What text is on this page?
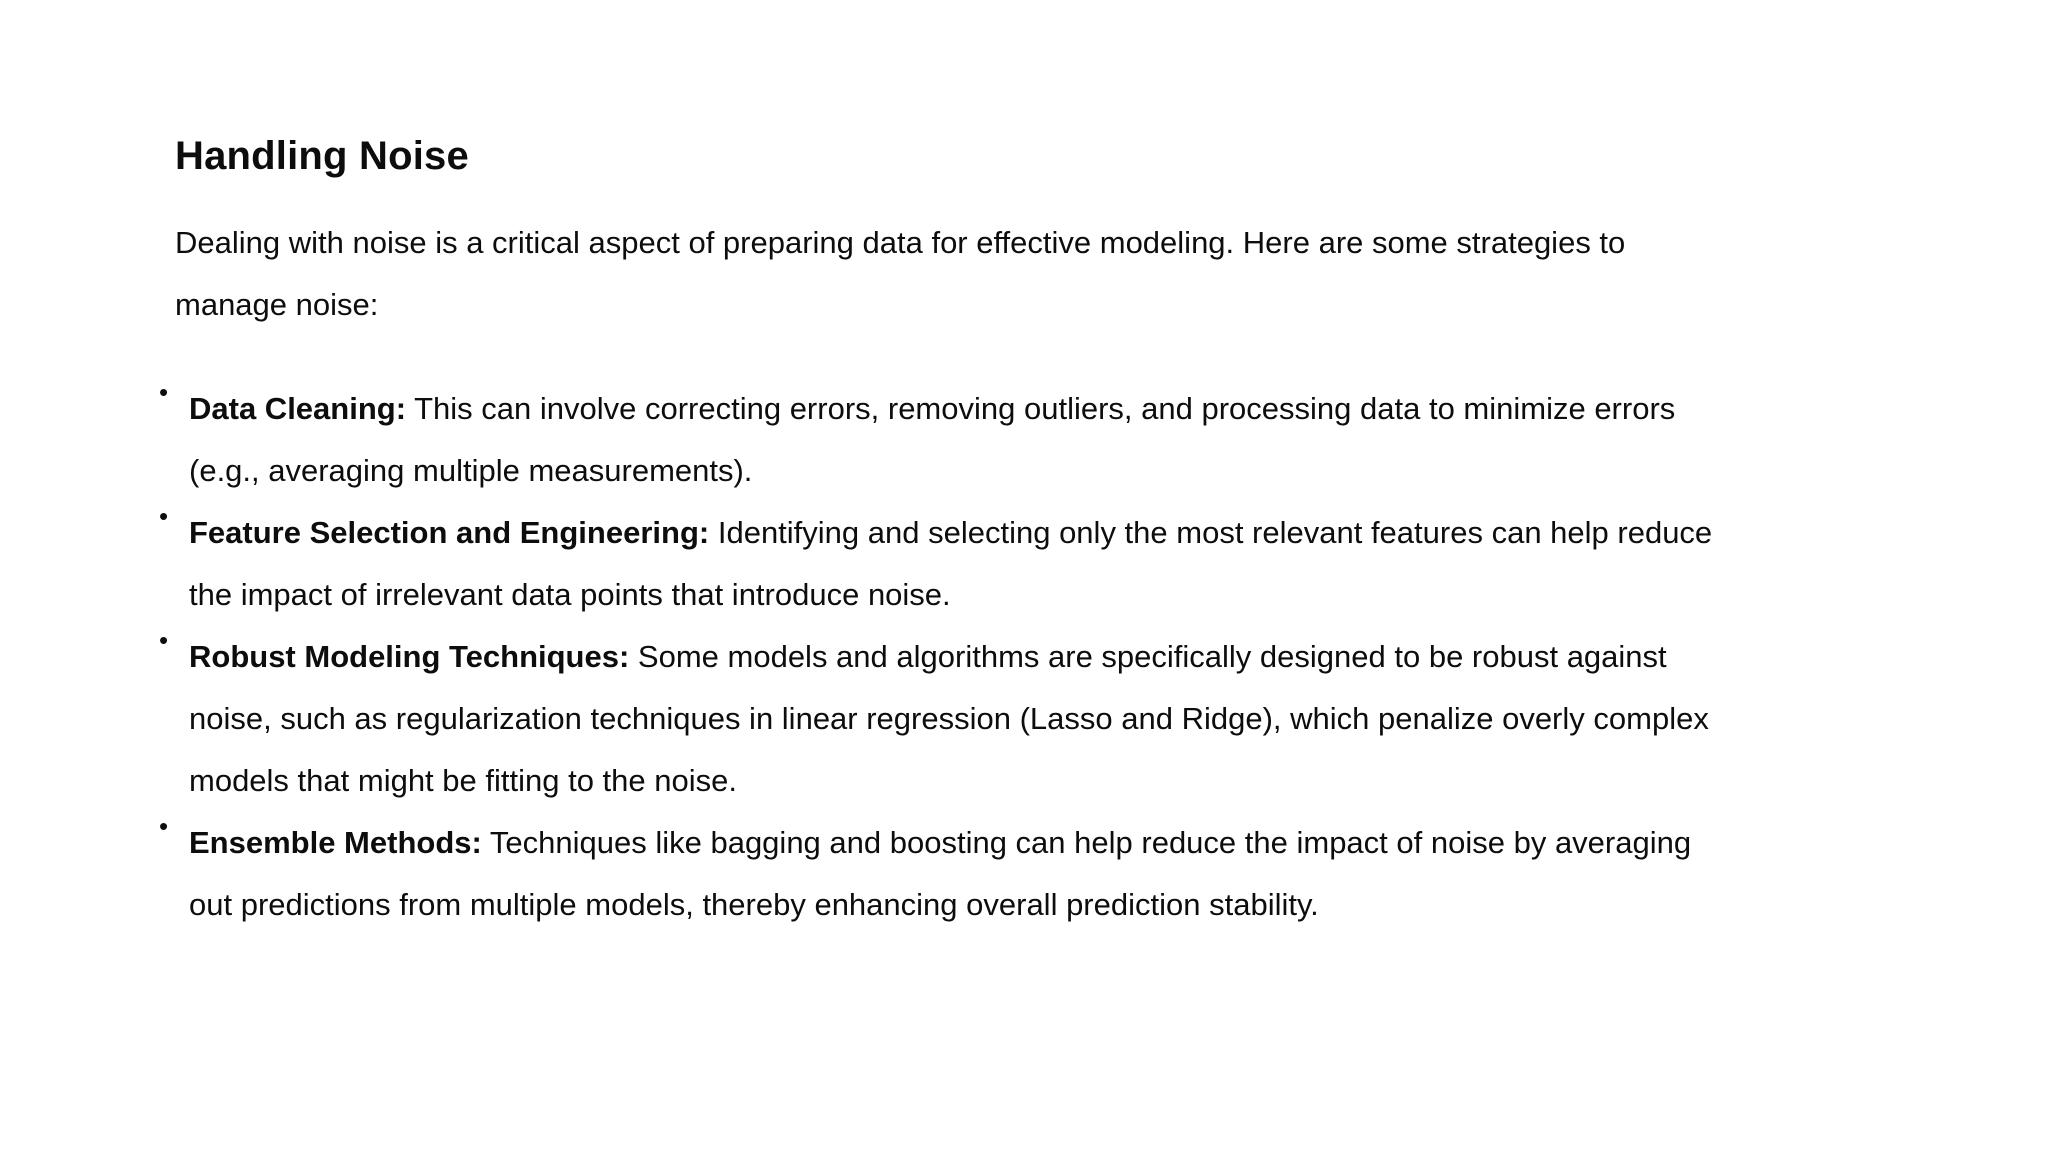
Handling Noise

Dealing with noise is a critical aspect of preparing data for effective modeling. Here are some strategies to manage noise:

• Data Cleaning: This can involve correcting errors, removing outliers, and processing data to minimize errors (e.g., averaging multiple measurements).
• Feature Selection and Engineering: Identifying and selecting only the most relevant features can help reduce the impact of irrelevant data points that introduce noise.
• Robust Modeling Techniques: Some models and algorithms are specifically designed to be robust against noise, such as regularization techniques in linear regression (Lasso and Ridge), which penalize overly complex models that might be fitting to the noise.
• Ensemble Methods: Techniques like bagging and boosting can help reduce the impact of noise by averaging out predictions from multiple models, thereby enhancing overall prediction stability.
